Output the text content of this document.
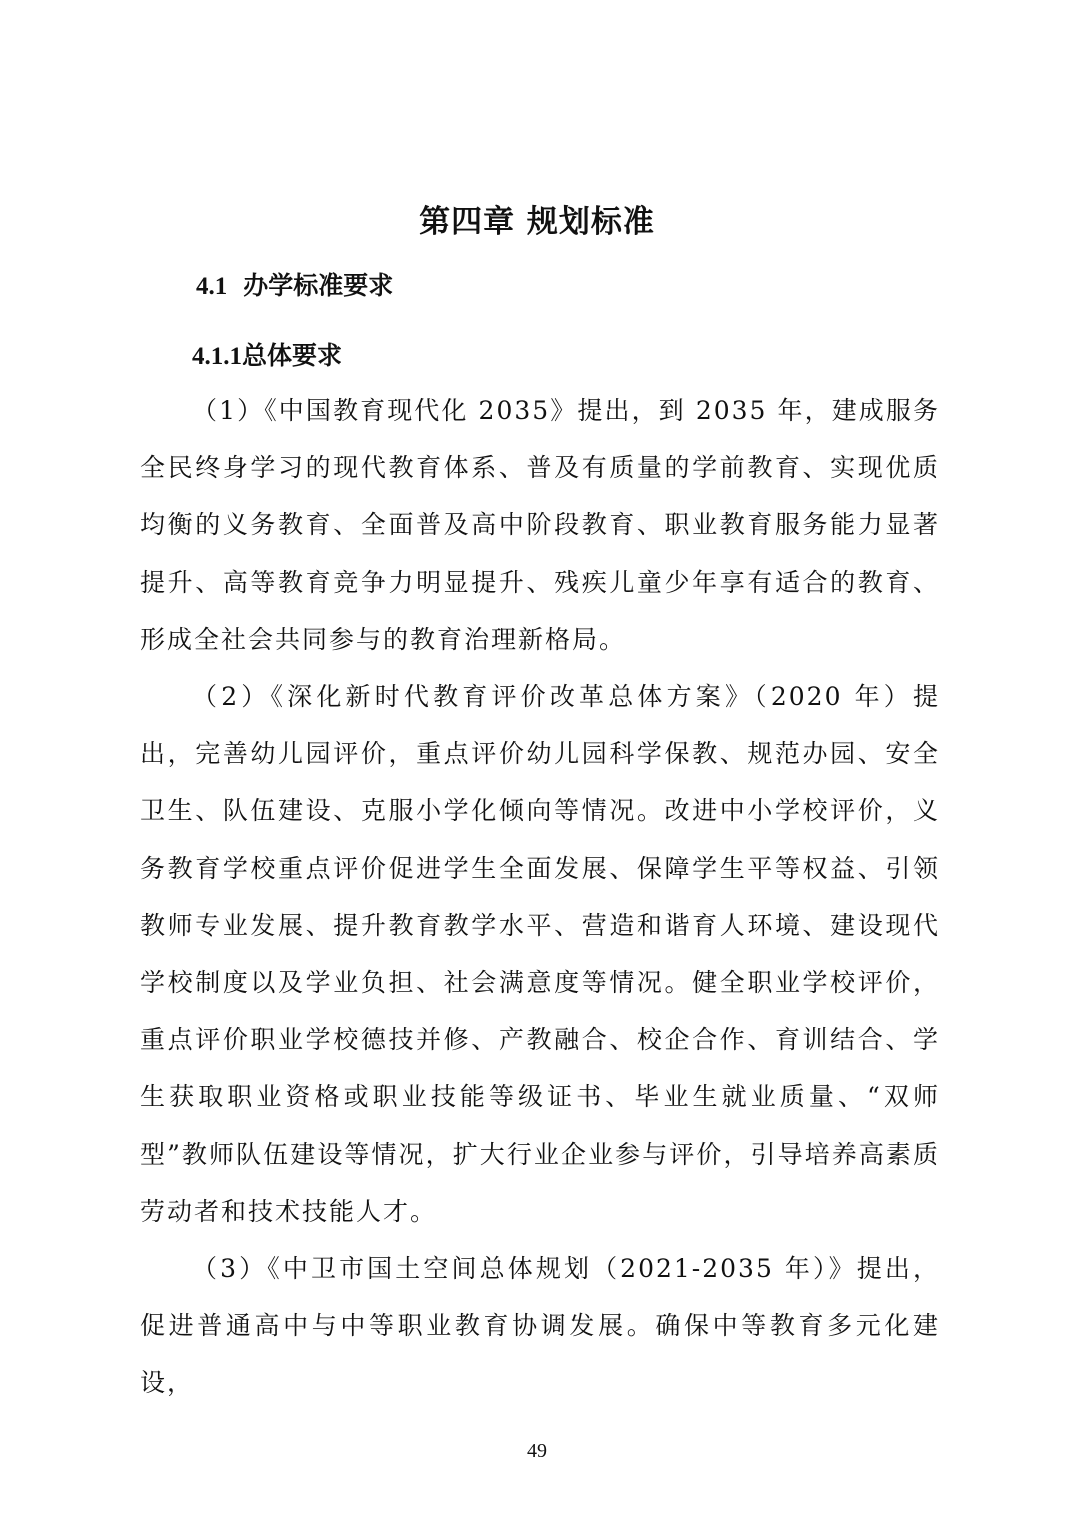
第四章 规划标准
4.1 办学标准要求
4.1.1总体要求

（1）《中国教育现代化 2035》提出，到 2035 年，建成服务全民终身学习的现代教育体系、普及有质量的学前教育、实现优质均衡的义务教育、全面普及高中阶段教育、职业教育服务能力显著提升、高等教育竞争力明显提升、残疾儿童少年享有适合的教育、形成全社会共同参与的教育治理新格局。

（2）《深化新时代教育评价改革总体方案》（2020 年）提出，完善幼儿园评价，重点评价幼儿园科学保教、规范办园、安全卫生、队伍建设、克服小学化倾向等情况。改进中小学校评价，义务教育学校重点评价促进学生全面发展、保障学生平等权益、引领教师专业发展、提升教育教学水平、营造和谐育人环境、建设现代学校制度以及学业负担、社会满意度等情况。健全职业学校评价，重点评价职业学校德技并修、产教融合、校企合作、育训结合、学生获取职业资格或职业技能等级证书、毕业生就业质量、“双师型”教师队伍建设等情况，扩大行业企业参与评价，引导培养高素质劳动者和技术技能人才。

（3）《中卫市国土空间总体规划（2021-2035 年）》提出，促进普通高中与中等职业教育协调发展。确保中等教育多元化建设，

49
